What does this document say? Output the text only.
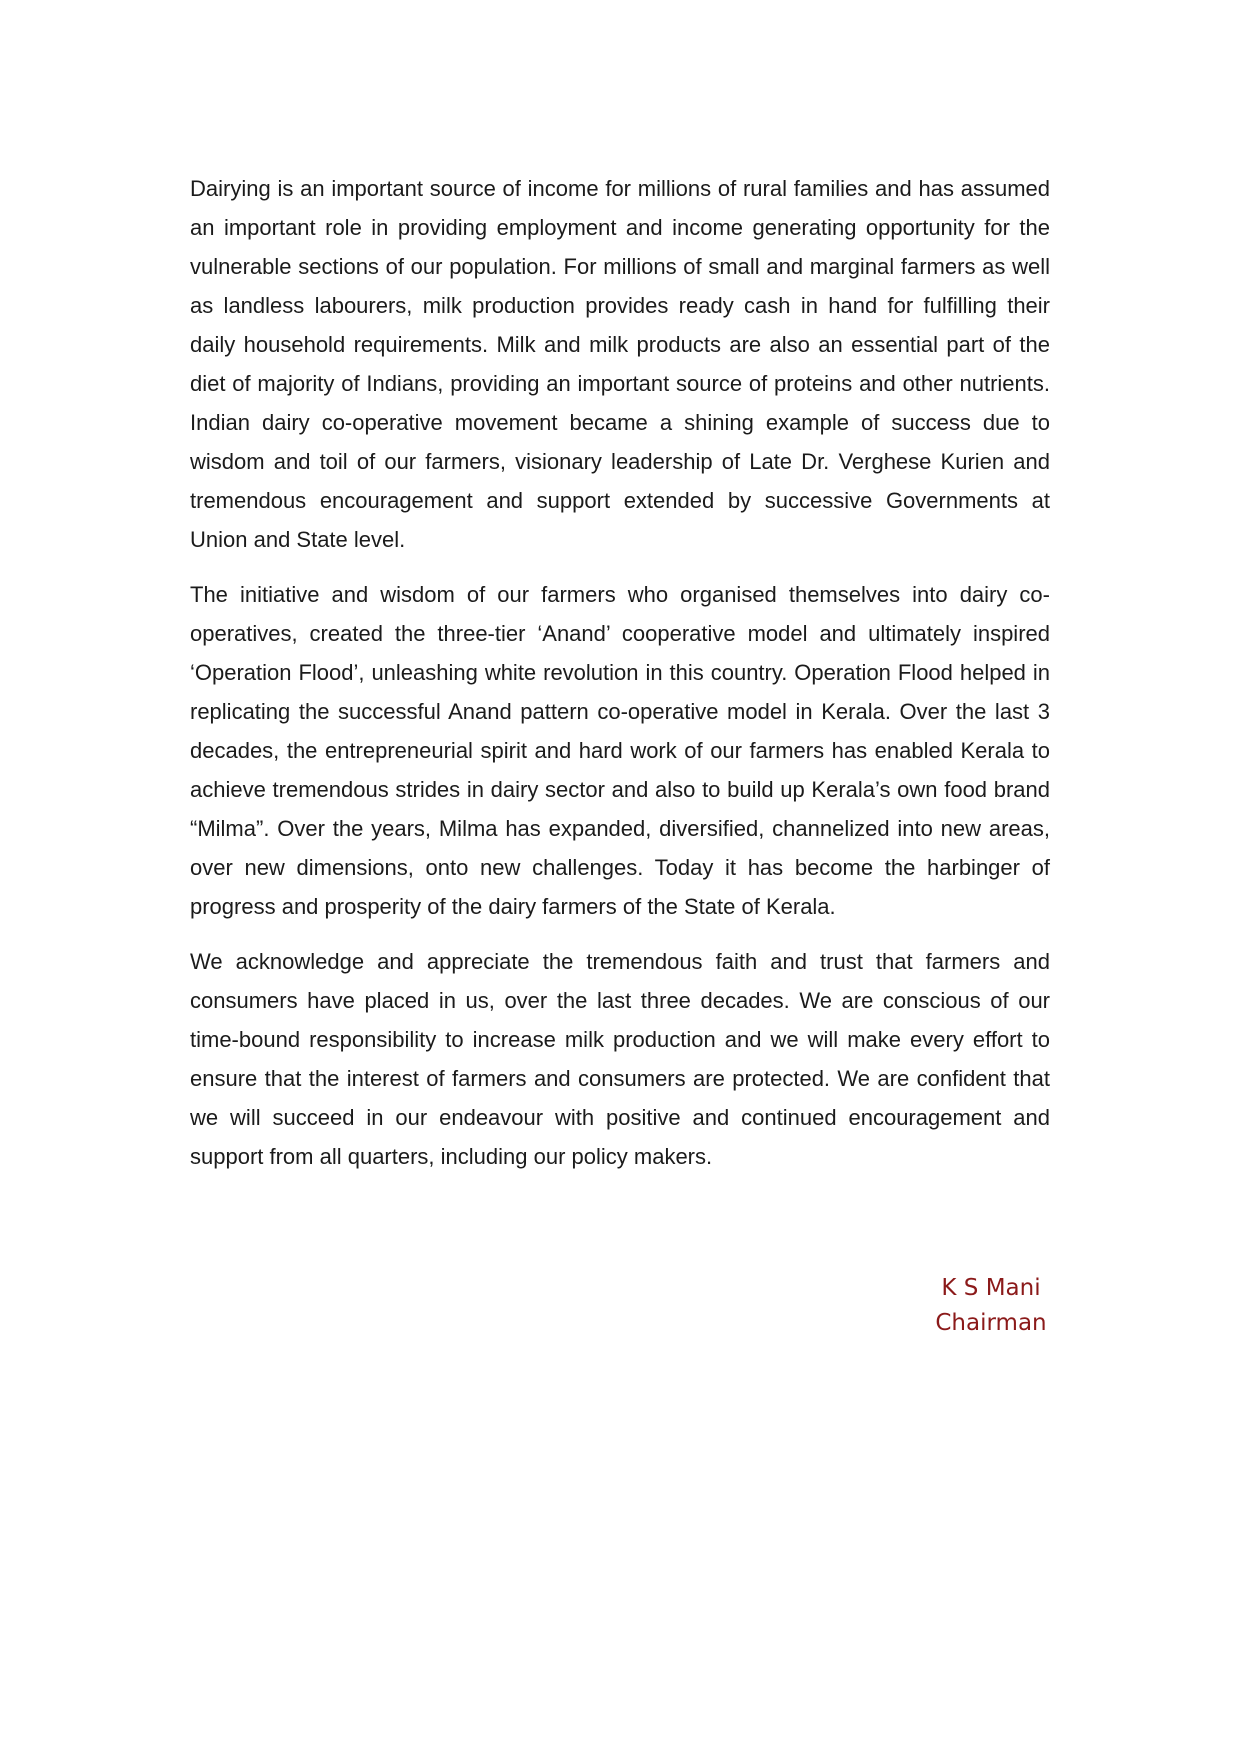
Dairying is an important source of income for millions of rural families and has assumed an important role in providing employment and income generating opportunity for the vulnerable sections of our population. For millions of small and marginal farmers as well as landless labourers, milk production provides ready cash in hand for fulfilling their daily household requirements. Milk and milk products are also an essential part of the diet of majority of Indians, providing an important source of proteins and other nutrients. Indian dairy co-operative movement became a shining example of success due to wisdom and toil of our farmers, visionary leadership of Late Dr. Verghese Kurien and tremendous encouragement and support extended by successive Governments at Union and State level.

The initiative and wisdom of our farmers who organised themselves into dairy co-operatives, created the three-tier ‘Anand’ cooperative model and ultimately inspired ‘Operation Flood’, unleashing white revolution in this country. Operation Flood helped in replicating the successful Anand pattern co-operative model in Kerala. Over the last 3 decades, the entrepreneurial spirit and hard work of our farmers has enabled Kerala to achieve tremendous strides in dairy sector and also to build up Kerala’s own food brand “Milma”. Over the years, Milma has expanded, diversified, channelized into new areas, over new dimensions, onto new challenges. Today it has become the harbinger of progress and prosperity of the dairy farmers of the State of Kerala.

We acknowledge and appreciate the tremendous faith and trust that farmers and consumers have placed in us, over the last three decades. We are conscious of our time-bound responsibility to increase milk production and we will make every effort to ensure that the interest of farmers and consumers are protected. We are confident that we will succeed in our endeavour with positive and continued encouragement and support from all quarters, including our policy makers.

K S Mani
Chairman
